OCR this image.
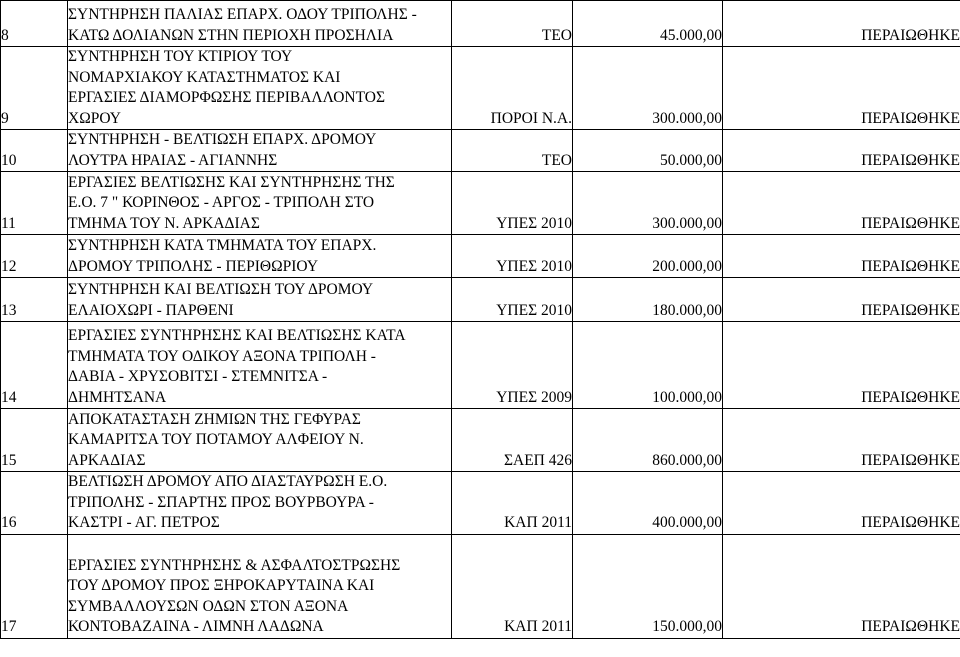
8	ΣΥΝΤΗΡΗΣΗ ΠΑΛΙΑΣ ΕΠΑΡΧ. ΟΔΟΥ ΤΡΙΠΟΛΗΣ -
ΚΑΤΩ ΔΟΛΙΑΝΩΝ ΣΤΗΝ ΠΕΡΙΟΧΗ ΠΡΟΣΗΛΙΑ	ΤΕΟ	45.000,00	ΠΕΡΑΙΩΘΗΚΕ
9	ΣΥΝΤΗΡΗΣΗ ΤΟΥ ΚΤΙΡΙΟΥ ΤΟΥ
ΝΟΜΑΡΧΙΑΚΟΥ ΚΑΤΑΣΤΗΜΑΤΟΣ ΚΑΙ
ΕΡΓΑΣΙΕΣ ΔΙΑΜΟΡΦΩΣΗΣ ΠΕΡΙΒΑΛΛΟΝΤΟΣ
ΧΩΡΟΥ	ΠΟΡΟΙ Ν.Α.	300.000,00	ΠΕΡΑΙΩΘΗΚΕ
10	ΣΥΝΤΗΡΗΣΗ - ΒΕΛΤΙΩΣΗ ΕΠΑΡΧ. ΔΡΟΜΟΥ
ΛΟΥΤΡΑ ΗΡΑΙΑΣ - ΑΓΙΑΝΝΗΣ	ΤΕΟ	50.000,00	ΠΕΡΑΙΩΘΗΚΕ
11	ΕΡΓΑΣΙΕΣ ΒΕΛΤΙΩΣΗΣ ΚΑΙ ΣΥΝΤΗΡΗΣΗΣ ΤΗΣ
Ε.Ο. 7 " ΚΟΡΙΝΘΟΣ - ΑΡΓΟΣ - ΤΡΙΠΟΛΗ ΣΤΟ
ΤΜΗΜΑ ΤΟΥ Ν. ΑΡΚΑΔΙΑΣ	ΥΠΕΣ 2010	300.000,00	ΠΕΡΑΙΩΘΗΚΕ
12	ΣΥΝΤΗΡΗΣΗ ΚΑΤΑ ΤΜΗΜΑΤΑ ΤΟΥ ΕΠΑΡΧ.
ΔΡΟΜΟΥ ΤΡΙΠΟΛΗΣ - ΠΕΡΙΘΩΡΙΟΥ	ΥΠΕΣ 2010	200.000,00	ΠΕΡΑΙΩΘΗΚΕ
13	ΣΥΝΤΗΡΗΣΗ ΚΑΙ ΒΕΛΤΙΩΣΗ ΤΟΥ ΔΡΟΜΟΥ
ΕΛΑΙΟΧΩΡΙ - ΠΑΡΘΕΝΙ	ΥΠΕΣ 2010	180.000,00	ΠΕΡΑΙΩΘΗΚΕ
14	ΕΡΓΑΣΙΕΣ ΣΥΝΤΗΡΗΣΗΣ ΚΑΙ ΒΕΛΤΙΩΣΗΣ ΚΑΤΑ
ΤΜΗΜΑΤΑ ΤΟΥ ΟΔΙΚΟΥ ΑΞΟΝΑ ΤΡΙΠΟΛΗ -
ΔΑΒΙΑ - ΧΡΥΣΟΒΙΤΣΙ - ΣΤΕΜΝΙΤΣΑ -
ΔΗΜΗΤΣΑΝΑ	ΥΠΕΣ 2009	100.000,00	ΠΕΡΑΙΩΘΗΚΕ
15	ΑΠΟΚΑΤΑΣΤΑΣΗ ΖΗΜΙΩΝ ΤΗΣ ΓΕΦΥΡΑΣ
ΚΑΜΑΡΙΤΣΑ ΤΟΥ ΠΟΤΑΜΟΥ ΑΛΦΕΙΟΥ Ν.
ΑΡΚΑΔΙΑΣ	ΣΑΕΠ 426	860.000,00	ΠΕΡΑΙΩΘΗΚΕ
16	ΒΕΛΤΙΩΣΗ ΔΡΟΜΟΥ ΑΠΟ ΔΙΑΣΤΑΥΡΩΣΗ Ε.Ο.
ΤΡΙΠΟΛΗΣ - ΣΠΑΡΤΗΣ ΠΡΟΣ ΒΟΥΡΒΟΥΡΑ -
ΚΑΣΤΡΙ - ΑΓ. ΠΕΤΡΟΣ	ΚΑΠ 2011	400.000,00	ΠΕΡΑΙΩΘΗΚΕ
17	ΕΡΓΑΣΙΕΣ ΣΥΝΤΗΡΗΣΗΣ & ΑΣΦΑΛΤΟΣΤΡΩΣΗΣ
ΤΟΥ ΔΡΟΜΟΥ ΠΡΟΣ ΞΗΡΟΚΑΡΥΤΑΙΝΑ ΚΑΙ
ΣΥΜΒΑΛΛΟΥΣΩΝ ΟΔΩΝ ΣΤΟΝ ΑΞΟΝΑ
ΚΟΝΤΟΒΑΖΑΙΝΑ - ΛΙΜΝΗ ΛΑΔΩΝΑ	ΚΑΠ 2011	150.000,00	ΠΕΡΑΙΩΘΗΚΕ
